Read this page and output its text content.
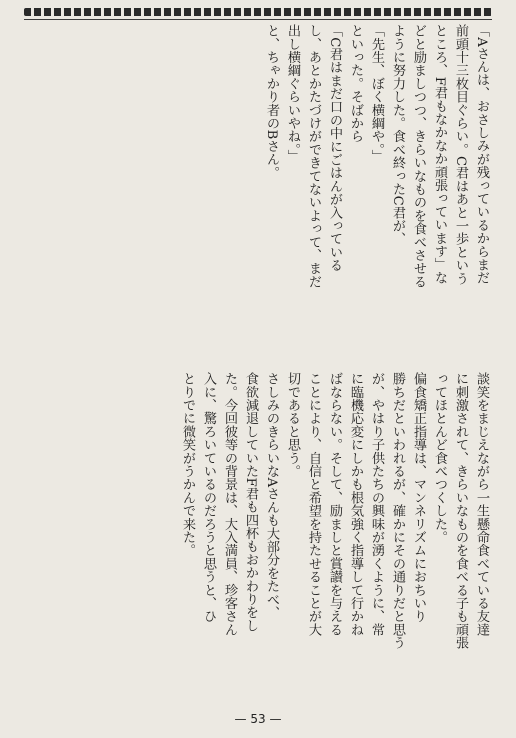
「Aさんは、おさしみが残っているからまだ
前頭十三枚目ぐらい。C君はあと一歩という
ところ、F君もなかなか頑張っています」な
どと励ましつつ、きらいなものを食べさせる
ように努力した。食べ終ったC君が、
「先生、ぼく横綱や。」
といった。そばから
「C君はまだ口の中にごはんが入っている
し、あとかたづけができてないよって、まだ
出し横綱ぐらいやね。」
と、ちゃかり者のBさん。
談笑をまじえながら一生懸命食べている友達
に刺激されて、きらいなものを食べる子も頑張
ってほとんど食べつくした。
偏食矯正指導は、マンネリズムにおちいり
勝ちだといわれるが、確かにその通りだと思う
が、やはり子供たちの興味が湧くように、常
に臨機応変にしかも根気強く指導して行かね
ばならない。そして、励ましと賞讃を与える
ことにより、自信と希望を持たせることが大
切であると思う。
さしみのきらいなAさんも大部分をたべ、
食欲減退していたF君も四杯もおかわりをし
た。今回彼等の背景は、大入満員、珍客さん
入に、驚ろいているのだろうと思うと、ひ
とりでに微笑がうかんで来た。
— 53 —
